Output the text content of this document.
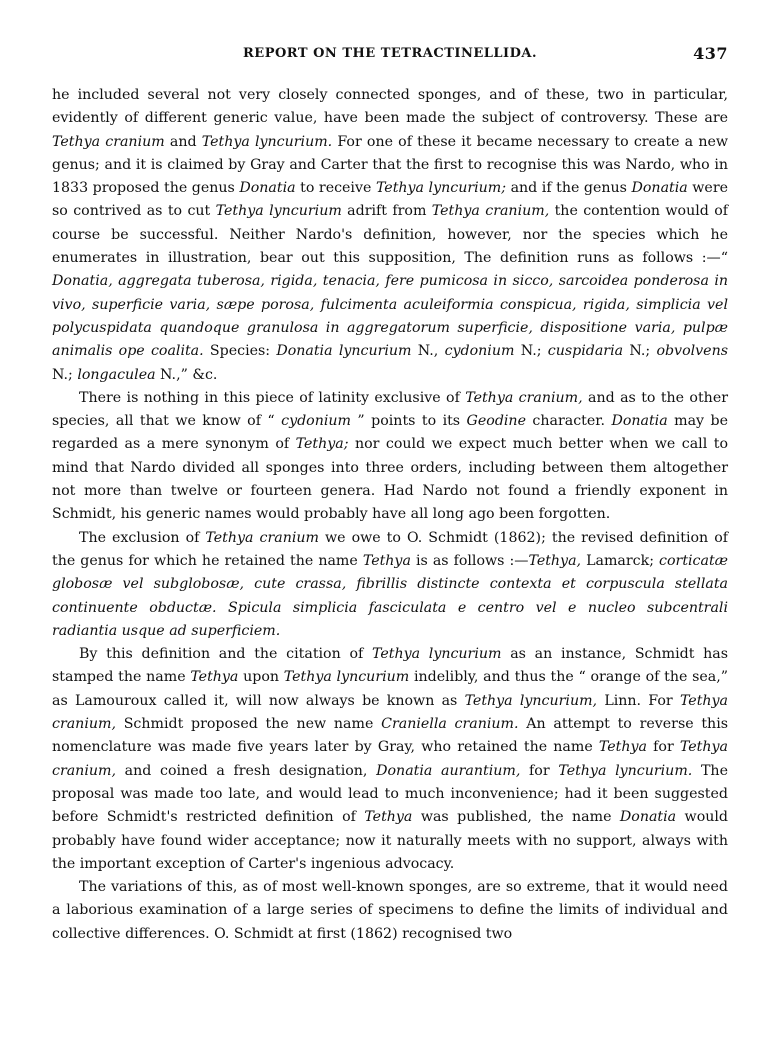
REPORT ON THE TETRACTINELLIDA.	437

he included several not very closely connected sponges, and of these, two in particular, evidently of different generic value, have been made the subject of controversy. These are Tethya cranium and Tethya lyncurium. For one of these it became necessary to create a new genus; and it is claimed by Gray and Carter that the first to recognise this was Nardo, who in 1833 proposed the genus Donatia to receive Tethya lyncurium; and if the genus Donatia were so contrived as to cut Tethya lyncurium adrift from Tethya cranium, the contention would of course be successful. Neither Nardo's definition, however, nor the species which he enumerates in illustration, bear out this supposition, The definition runs as follows :—“ Donatia, aggregata tuberosa, rigida, tenacia, fere pumicosa in sicco, sarcoidea ponderosa in vivo, superficie varia, sæpe porosa, fulcimenta aculeiformia conspicua, rigida, simplicia vel polycuspidata quandoque granulosa in aggregatorum superficie, dispositione varia, pulpæ animalis ope coalita. Species: Donatia lyncurium N., cydonium N.; cuspidaria N.; obvolvens N.; longaculea N.,” &c.

There is nothing in this piece of latinity exclusive of Tethya cranium, and as to the other species, all that we know of “ cydonium ” points to its Geodine character. Donatia may be regarded as a mere synonym of Tethya; nor could we expect much better when we call to mind that Nardo divided all sponges into three orders, including between them altogether not more than twelve or fourteen genera. Had Nardo not found a friendly exponent in Schmidt, his generic names would probably have all long ago been forgotten.

The exclusion of Tethya cranium we owe to O. Schmidt (1862); the revised definition of the genus for which he retained the name Tethya is as follows :—Tethya, Lamarck; corticatæ globosæ vel subglobosæ, cute crassa, fibrillis distincte contexta et corpuscula stellata continuente obductæ. Spicula simplicia fasciculata e centro vel e nucleo subcentrali radiantia usque ad superficiem.

By this definition and the citation of Tethya lyncurium as an instance, Schmidt has stamped the name Tethya upon Tethya lyncurium indelibly, and thus the “ orange of the sea,” as Lamouroux called it, will now always be known as Tethya lyncurium, Linn. For Tethya cranium, Schmidt proposed the new name Craniella cranium. An attempt to reverse this nomenclature was made five years later by Gray, who retained the name Tethya for Tethya cranium, and coined a fresh designation, Donatia aurantium, for Tethya lyncurium. The proposal was made too late, and would lead to much inconvenience; had it been suggested before Schmidt's restricted definition of Tethya was published, the name Donatia would probably have found wider acceptance; now it naturally meets with no support, always with the important exception of Carter's ingenious advocacy.

The variations of this, as of most well-known sponges, are so extreme, that it would need a laborious examination of a large series of specimens to define the limits of individual and collective differences. O. Schmidt at first (1862) recognised two
